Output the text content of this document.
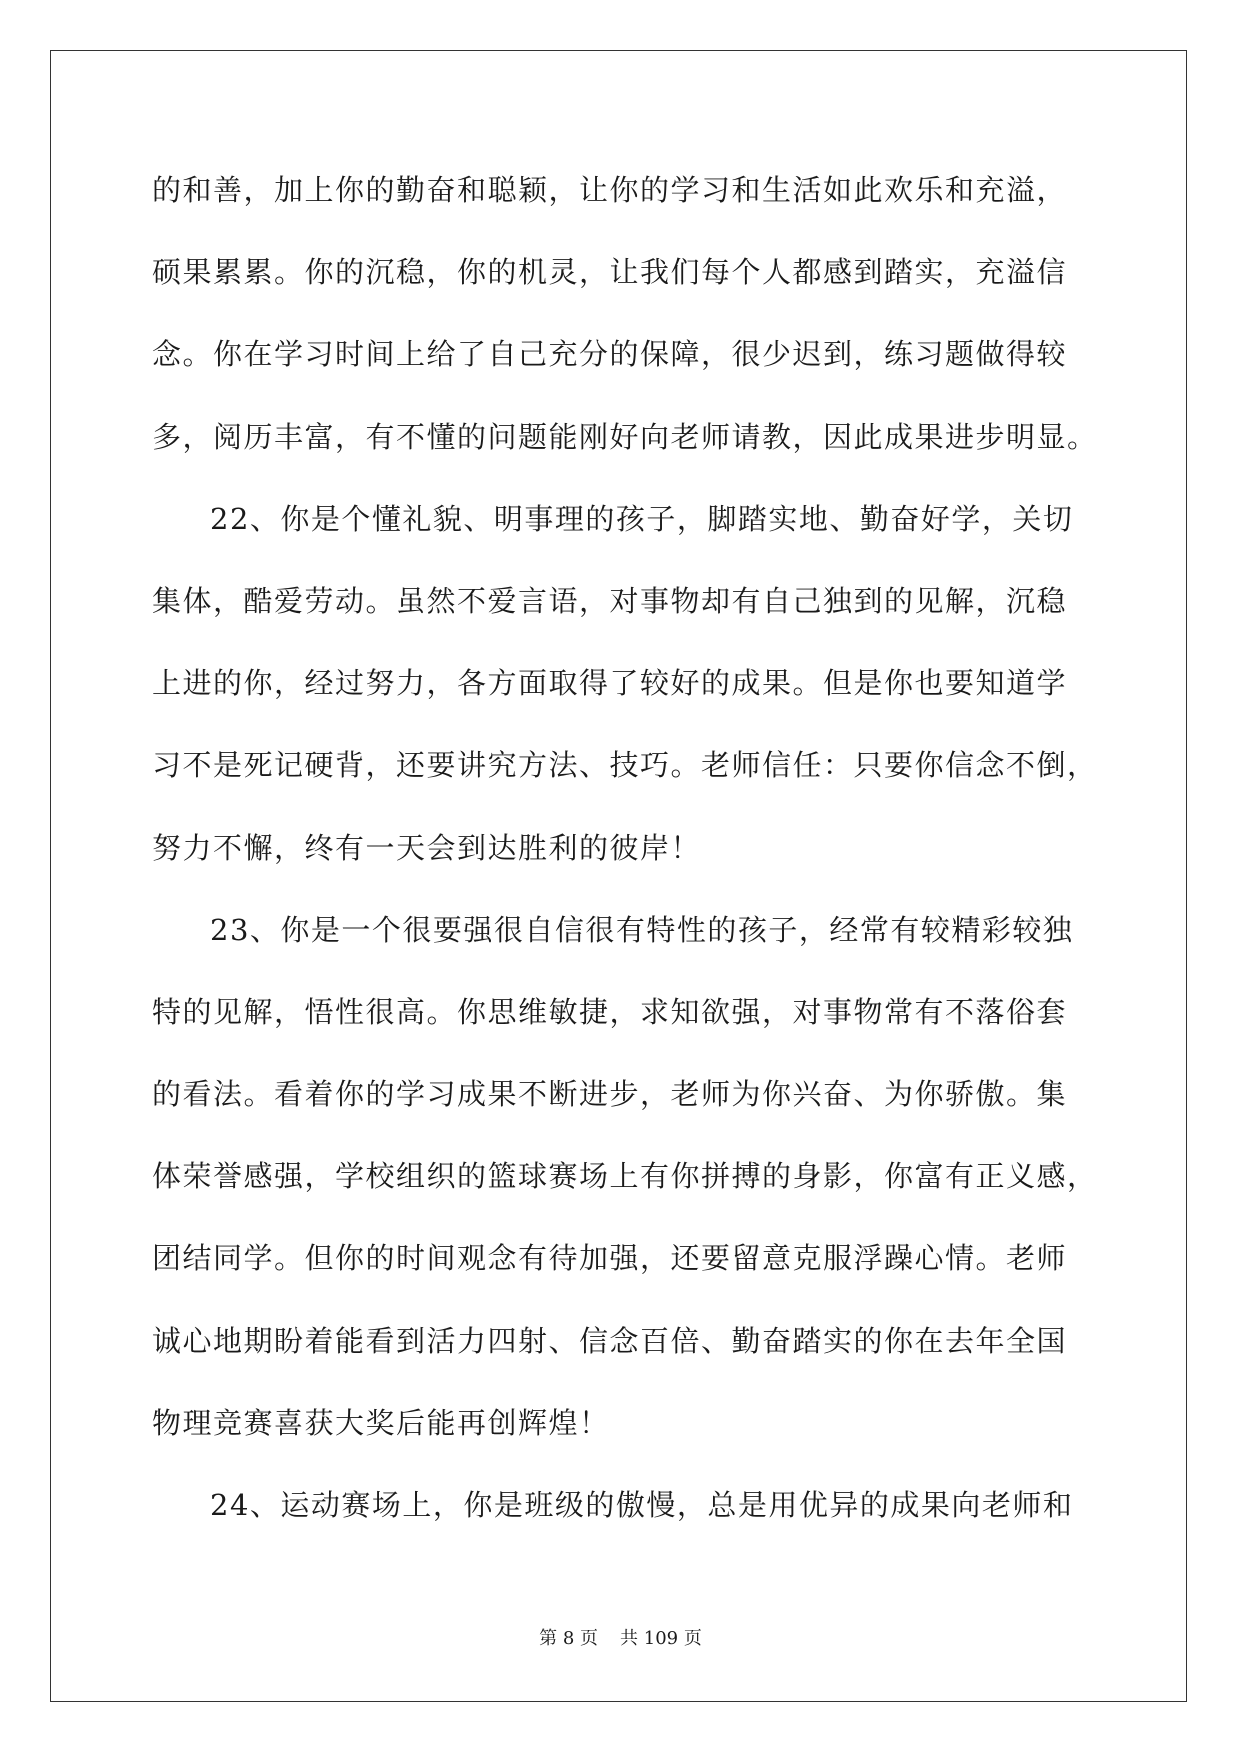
的和善，加上你的勤奋和聪颖，让你的学习和生活如此欢乐和充溢，
硕果累累。你的沉稳，你的机灵，让我们每个人都感到踏实，充溢信
念。你在学习时间上给了自己充分的保障，很少迟到，练习题做得较
多，阅历丰富，有不懂的问题能刚好向老师请教，因此成果进步明显。
22、你是个懂礼貌、明事理的孩子，脚踏实地、勤奋好学，关切
集体，酷爱劳动。虽然不爱言语，对事物却有自己独到的见解，沉稳
上进的你，经过努力，各方面取得了较好的成果。但是你也要知道学
习不是死记硬背，还要讲究方法、技巧。老师信任：只要你信念不倒，
努力不懈，终有一天会到达胜利的彼岸！
23、你是一个很要强很自信很有特性的孩子，经常有较精彩较独
特的见解，悟性很高。你思维敏捷，求知欲强，对事物常有不落俗套
的看法。看着你的学习成果不断进步，老师为你兴奋、为你骄傲。集
体荣誉感强，学校组织的篮球赛场上有你拼搏的身影，你富有正义感，
团结同学。但你的时间观念有待加强，还要留意克服浮躁心情。老师
诚心地期盼着能看到活力四射、信念百倍、勤奋踏实的你在去年全国
物理竞赛喜获大奖后能再创辉煌！
24、运动赛场上，你是班级的傲慢，总是用优异的成果向老师和
第 8 页 共 109 页
